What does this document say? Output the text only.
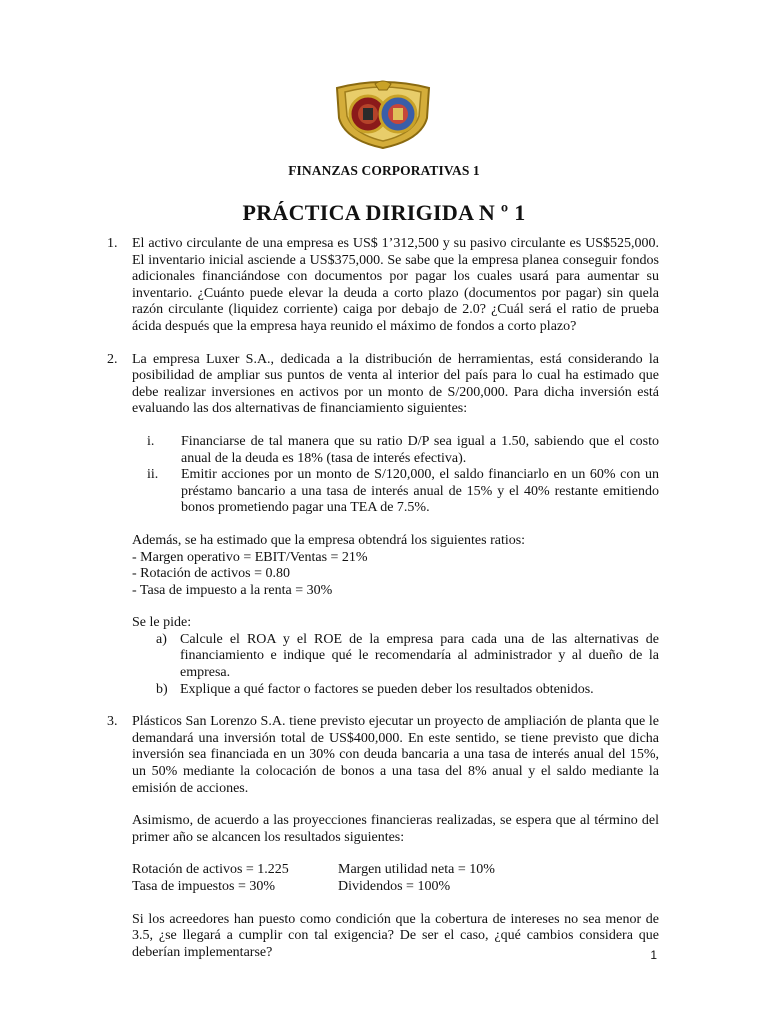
FINANZAS CORPORATIVAS 1
PRÁCTICA DIRIGIDA N º 1
1. El activo circulante de una empresa es US$ 1’312,500 y su pasivo circulante es US$525,000. El inventario inicial asciende a US$375,000. Se sabe que la empresa planea conseguir fondos adicionales financiándose con documentos por pagar los cuales usará para aumentar su inventario. ¿Cuánto puede elevar la deuda a corto plazo (documentos por pagar) sin quela razón circulante (liquidez corriente) caiga por debajo de 2.0? ¿Cuál será el ratio de prueba ácida después que la empresa haya reunido el máximo de fondos a corto plazo?

2. La empresa Luxer S.A., dedicada a la distribución de herramientas, está considerando la posibilidad de ampliar sus puntos de venta al interior del país para lo cual ha estimado que debe realizar inversiones en activos por un monto de S/200,000. Para dicha inversión está evaluando las dos alternativas de financiamiento siguientes:

i. Financiarse de tal manera que su ratio D/P sea igual a 1.50, sabiendo que el costo anual de la deuda es 18% (tasa de interés efectiva).
ii. Emitir acciones por un monto de S/120,000, el saldo financiarlo en un 60% con un préstamo bancario a una tasa de interés anual de 15% y el 40% restante emitiendo bonos prometiendo pagar una TEA de 7.5%.

Además, se ha estimado que la empresa obtendrá los siguientes ratios:

- Margen operativo = EBIT/Ventas = 21%

- Rotación de activos = 0.80

- Tasa de impuesto a la renta = 30%

Se le pide:

a) Calcule el ROA y el ROE de la empresa para cada una de las alternativas de financiamiento e indique qué le recomendaría al administrador y al dueño de la empresa.
b) Explique a qué factor o factores se pueden deber los resultados obtenidos.
3. Plásticos San Lorenzo S.A. tiene previsto ejecutar un proyecto de ampliación de planta que le demandará una inversión total de US$400,000. En este sentido, se tiene previsto que dicha inversión sea financiada en un 30% con deuda bancaria a una tasa de interés anual del 15%, un 50% mediante la colocación de bonos a una tasa del 8% anual y el saldo mediante la emisión de acciones.

Asimismo, de acuerdo a las proyecciones financieras realizadas, se espera que al término del primer año se alcancen los resultados siguientes:

Rotación de activos = 1.225	Margen utilidad neta = 10%
Tasa de impuestos = 30%	Dividendos = 100%

Si los acreedores han puesto como condición que la cobertura de intereses no sea menor de 3.5, ¿se llegará a cumplir con tal exigencia? De ser el caso, ¿qué cambios considera que deberían implementarse?	1
